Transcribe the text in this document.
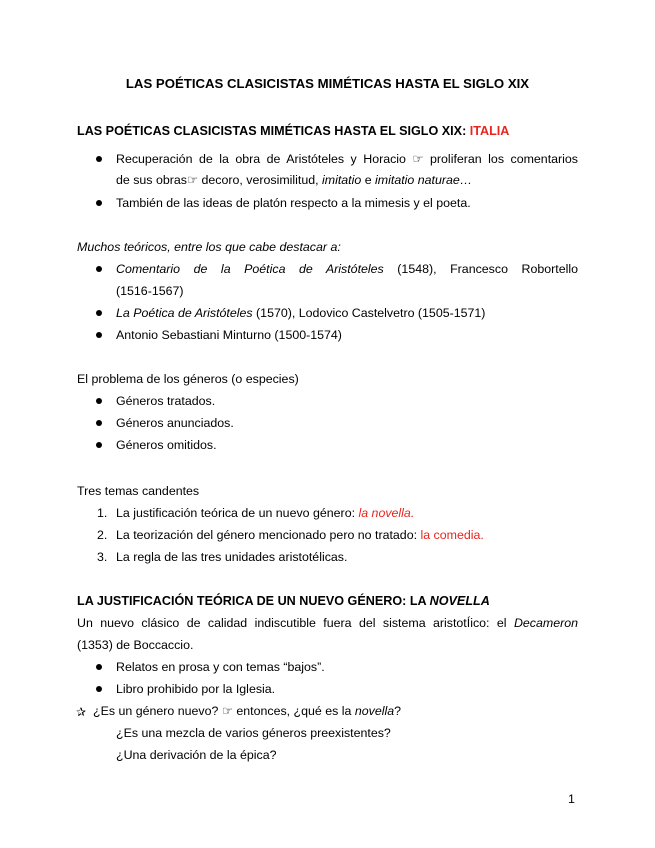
LAS POÉTICAS CLASICISTAS MIMÉTICAS HASTA EL SIGLO XIX
LAS POÉTICAS CLASICISTAS MIMÉTICAS HASTA EL SIGLO XIX: ITALIA
Recuperación de la obra de Aristóteles y Horacio ☞ proliferan los comentarios
de sus obras☞ decoro, verosimilitud, imitatio e imitatio naturae…
También de las ideas de platón respecto a la mimesis y el poeta.
Muchos teóricos, entre los que cabe destacar a:
Comentario de la Poética de Aristóteles (1548), Francesco Robortello
(1516-1567)
La Poética de Aristóteles (1570), Lodovico Castelvetro (1505-1571)
Antonio Sebastiani Minturno (1500-1574)
El problema de los géneros (o especies)
Géneros tratados.
Géneros anunciados.
Géneros omitidos.
Tres temas candentes
1. La justificación teórica de un nuevo género: la novella.
2. La teorización del género mencionado pero no tratado: la comedia.
3. La regla de las tres unidades aristotélicas.
LA JUSTIFICACIÓN TEÓRICA DE UN NUEVO GÉNERO: LA NOVELLA
Un nuevo clásico de calidad indiscutible fuera del sistema aristotÍico: el Decameron
(1353) de Boccaccio.
Relatos en prosa y con temas “bajos”.
Libro prohibido por la Iglesia.
✰ ¿Es un género nuevo? ☞ entonces, ¿qué es la novella?
¿Es una mezcla de varios géneros preexistentes?
¿Una derivación de la épica?
1
